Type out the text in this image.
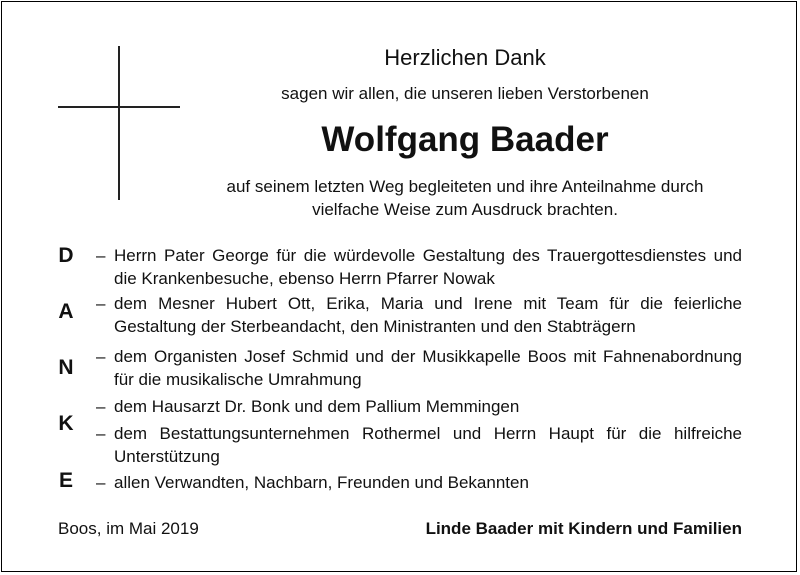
Herzlichen Dank
sagen wir allen, die unseren lieben Verstorbenen
Wolfgang Baader
auf seinem letzten Weg begleiteten und ihre Anteilnahme durch
vielfache Weise zum Ausdruck brachten.
D
A
N
K
E
– Herrn Pater George für die würdevolle Gestaltung des Trauergottesdienstes und die Krankenbesuche, ebenso Herrn Pfarrer Nowak
– dem Mesner Hubert Ott, Erika, Maria und Irene mit Team für die feierliche Gestaltung der Sterbeandacht, den Ministranten und den Stabträgern
– dem Organisten Josef Schmid und der Musikkapelle Boos mit Fahnenabordnung für die musikalische Umrahmung
– dem Hausarzt Dr. Bonk und dem Pallium Memmingen
– dem Bestattungsunternehmen Rothermel und Herrn Haupt für die hilfreiche Unterstützung
– allen Verwandten, Nachbarn, Freunden und Bekannten
Boos, im Mai 2019	Linde Baader mit Kindern und Familien
